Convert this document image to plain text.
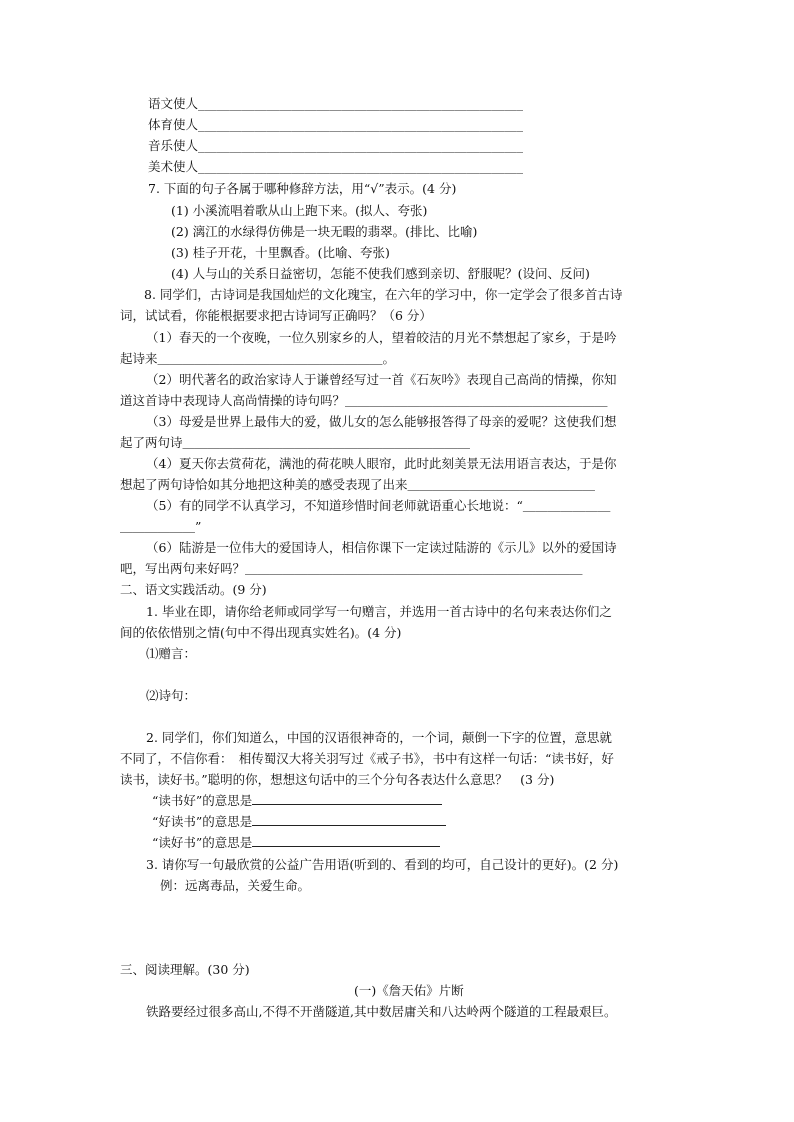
语文使人____________________________________________________
体育使人____________________________________________________
音乐使人____________________________________________________
美术使人____________________________________________________
7. 下面的句子各属于哪种修辞方法，用“√”表示。(4 分)
(1) 小溪流唱着歌从山上跑下来。(拟人、夸张)
(2) 漓江的水绿得仿佛是一块无暇的翡翠。(排比、比喻)
(3) 桂子开花，十里飘香。(比喻、夸张)
(4) 人与山的关系日益密切，怎能不使我们感到亲切、舒服呢？(设问、反问)
8. 同学们，古诗词是我国灿烂的文化瑰宝，在六年的学习中，你一定学会了很多首古诗
词，试试看，你能根据要求把古诗词写正确吗？（6 分）
（1）春天的一个夜晚，一位久别家乡的人，望着皎洁的月光不禁想起了家乡，于是吟
起诗来＿＿＿＿＿＿＿＿＿＿＿＿＿＿＿＿＿＿。
（2）明代著名的政治家诗人于谦曾经写过一首《石灰吟》表现自己高尚的情操，你知
道这首诗中表现诗人高尚情操的诗句吗？＿＿＿＿＿＿＿＿＿＿＿＿＿＿＿＿＿＿＿＿＿
（3）母爱是世界上最伟大的爱，做儿女的怎么能够报答得了母亲的爱呢？这使我们想
起了两句诗＿＿＿＿＿＿＿＿＿＿＿＿＿＿＿＿＿＿＿＿＿＿＿
（4）夏天你去赏荷花，满池的荷花映人眼帘，此时此刻美景无法用语言表达，于是你
想起了两句诗恰如其分地把这种美的感受表现了出来＿＿＿＿＿＿＿＿＿＿＿＿＿＿＿
（5）有的同学不认真学习，不知道珍惜时间老师就语重心长地说：“＿＿＿＿＿＿＿
＿＿＿＿＿＿”
（6）陆游是一位伟大的爱国诗人，相信你课下一定读过陆游的《示儿》以外的爱国诗
吧，写出两句来好吗？＿＿＿＿＿＿＿＿＿＿＿＿＿＿＿＿＿＿＿＿＿＿＿＿＿＿＿
二、语文实践活动。(9 分)
1. 毕业在即，请你给老师或同学写一句赠言，并选用一首古诗中的名句来表达你们之
间的依依惜别之情(句中不得出现真实姓名)。(4 分)
⑴赠言：
⑵诗句：
2. 同学们，你们知道么，中国的汉语很神奇的，一个词，颠倒一下字的位置，意思就
不同了，不信你看：　相传蜀汉大将关羽写过《戒子书》，书中有这样一句话：“读书好，好
读书，读好书。”聪明的你，想想这句话中的三个分句各表达什么意思？　(3 分)
“读书好”的意思是
“好读书”的意思是
“读好书”的意思是
3. 请你写一句最欣赏的公益广告用语(听到的、看到的均可，自己设计的更好)。(2 分)
例：远离毒品，关爱生命。
三、阅读理解。(30 分)
(一)《詹天佑》片断
铁路要经过很多高山,不得不开凿隧道,其中数居庸关和八达岭两个隧道的工程最艰巨。
